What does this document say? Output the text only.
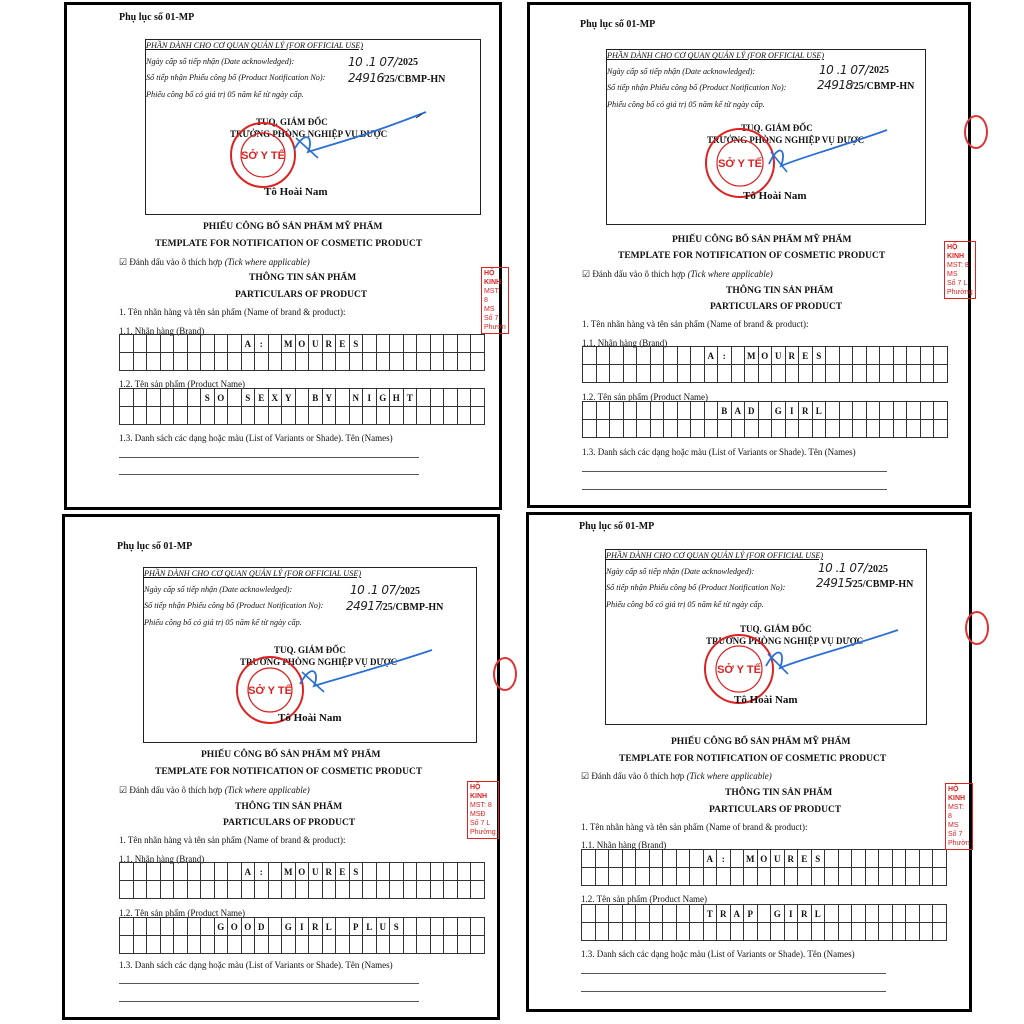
Phụ lục số 01-MP
PHẦN DÀNH CHO CƠ QUAN QUẢN LÝ (FOR OFFICIAL USE)
Ngày cấp số tiếp nhận (Date acknowledged):	10 .1 07/ 2025
Số tiếp nhận Phiếu công bố (Product Notification No): 24916
/25/CBMP-HN
Phiếu công bố có giá trị 05 năm kể từ ngày cấp.
TUQ. GIÁM ĐỐC
TRƯỞNG PHÒNG NGHIỆP VỤ DƯỢC
SỞ Y TẾ
Tô Hoài Nam
PHIẾU CÔNG BỐ SẢN PHẨM MỸ PHẨM
TEMPLATE FOR NOTIFICATION OF COSMETIC PRODUCT
☑ Đánh dấu vào ô thích hợp (Tick where applicable)
THÔNG TIN SẢN PHẨM
PARTICULARS OF PRODUCT
1. Tên nhãn hàng và tên sản phẩm (Name of brand & product):
1.1. Nhãn hàng (Brand)
									A	:		M	O	U	R	E	S									

1.2. Tên sản phẩm (Product Name)
						S	O		S	E	X	Y		B	Y		N	I	G	H	T					

1.3. Danh sách các dạng hoặc màu (List of Variants or Shade). Tên (Names)
HỘ KINH
MST: 8
MS
Số 7
Phườn
Phụ lục số 01-MP
PHẦN DÀNH CHO CƠ QUAN QUẢN LÝ (FOR OFFICIAL USE)
Ngày cấp số tiếp nhận (Date acknowledged):	10 .1 07/ 2025
Số tiếp nhận Phiếu công bố (Product Notification No):	24918
/25/CBMP-HN
Phiếu công bố có giá trị 05 năm kể từ ngày cấp.
TUQ. GIÁM ĐỐC
TRƯỞNG PHÒNG NGHIỆP VỤ DƯỢC
SỞ Y TẾ
Tô Hoài Nam
PHIẾU CÔNG BỐ SẢN PHẨM MỸ PHẨM
TEMPLATE FOR NOTIFICATION OF COSMETIC PRODUCT
☑ Đánh dấu vào ô thích hợp (Tick where applicable)
THÔNG TIN SẢN PHẨM
PARTICULARS OF PRODUCT
1. Tên nhãn hàng và tên sản phẩm (Name of brand & product):
1.1. Nhãn hàng (Brand)
									A	:		M	O	U	R	E	S									

1.2. Tên sản phẩm (Product Name)
										B	A	D		G	I	R	L									

1.3. Danh sách các dạng hoặc màu (List of Variants or Shade). Tên (Names)
HỘ KINH
MST: 8
MS
Số 7 L
Phường
Phụ lục số 01-MP
PHẦN DÀNH CHO CƠ QUAN QUẢN LÝ (FOR OFFICIAL USE)
Ngày cấp số tiếp nhận (Date acknowledged):	10 .1 07/ 2025
Số tiếp nhận Phiếu công bố (Product Notification No): 24917
/25/CBMP-HN
Phiếu công bố có giá trị 05 năm kể từ ngày cấp.
TUQ. GIÁM ĐỐC
TRƯỞNG PHÒNG NGHIỆP VỤ DƯỢC
SỞ Y TẾ
Tô Hoài Nam
PHIẾU CÔNG BỐ SẢN PHẨM MỸ PHẨM
TEMPLATE FOR NOTIFICATION OF COSMETIC PRODUCT
☑ Đánh dấu vào ô thích hợp (Tick where applicable)
THÔNG TIN SẢN PHẨM
PARTICULARS OF PRODUCT
1. Tên nhãn hàng và tên sản phẩm (Name of brand & product):
1.1. Nhãn hàng (Brand)
									A	:		M	O	U	R	E	S									

1.2. Tên sản phẩm (Product Name)
							G	O	O	D		G	I	R	L		P	L	U	S						

1.3. Danh sách các dạng hoặc màu (List of Variants or Shade). Tên (Names)
HỘ KINH
MST: 8
MSĐ
Số 7 L
Phường
Phụ lục số 01-MP
PHẦN DÀNH CHO CƠ QUAN QUẢN LÝ (FOR OFFICIAL USE)
Ngày cấp số tiếp nhận (Date acknowledged):	10 .1 07/ 2025
Số tiếp nhận Phiếu công bố (Product Notification No):	24915
/25/CBMP-HN
Phiếu công bố có giá trị 05 năm kể từ ngày cấp.
TUQ. GIÁM ĐỐC
TRƯỞNG PHÒNG NGHIỆP VỤ DƯỢC
SỞ Y TẾ
Tô Hoài Nam
PHIẾU CÔNG BỐ SẢN PHẨM MỸ PHẨM
TEMPLATE FOR NOTIFICATION OF COSMETIC PRODUCT
☑ Đánh dấu vào ô thích hợp (Tick where applicable)
THÔNG TIN SẢN PHẨM
PARTICULARS OF PRODUCT
1. Tên nhãn hàng và tên sản phẩm (Name of brand & product):
1.1. Nhãn hàng (Brand)
									A	:		M	O	U	R	E	S									

1.2. Tên sản phẩm (Product Name)
									T	R	A	P		G	I	R	L									

1.3. Danh sách các dạng hoặc màu (List of Variants or Shade). Tên (Names)
HỘ KINH
MST: 8
MS
Số 7
Phườn
